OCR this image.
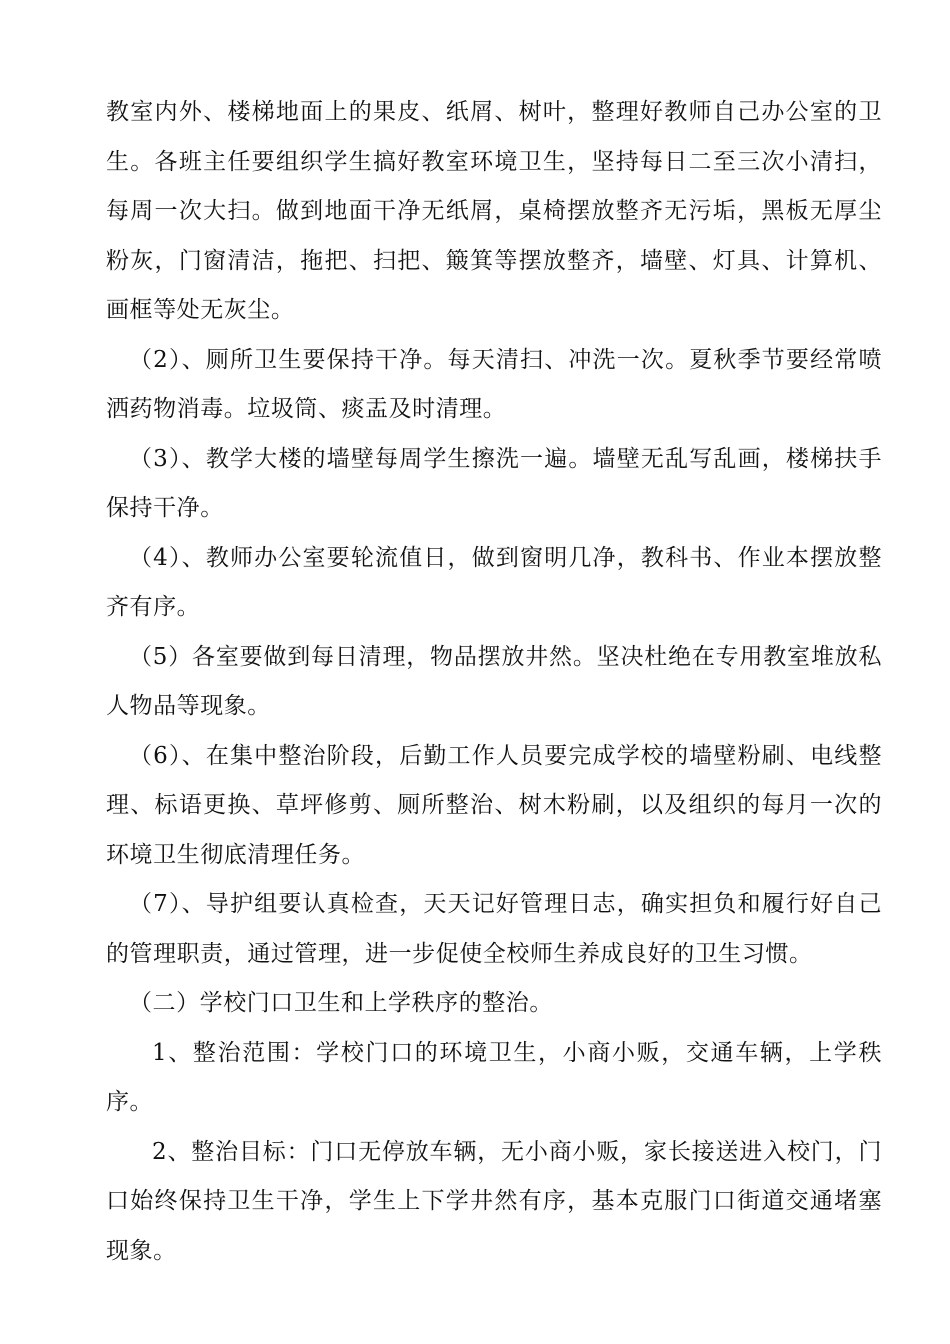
教室内外、楼梯地面上的果皮、纸屑、树叶，整理好教师自己办公室的卫生。各班主任要组织学生搞好教室环境卫生，坚持每日二至三次小清扫，每周一次大扫。做到地面干净无纸屑，桌椅摆放整齐无污垢，黑板无厚尘粉灰，门窗清洁，拖把、扫把、簸箕等摆放整齐，墙壁、灯具、计算机、画框等处无灰尘。

（2）、厕所卫生要保持干净。每天清扫、冲洗一次。夏秋季节要经常喷洒药物消毒。垃圾筒、痰盂及时清理。

（3）、教学大楼的墙壁每周学生擦洗一遍。墙壁无乱写乱画，楼梯扶手保持干净。

（4）、教师办公室要轮流值日，做到窗明几净，教科书、作业本摆放整齐有序。

（5）各室要做到每日清理，物品摆放井然。坚决杜绝在专用教室堆放私人物品等现象。

（6）、在集中整治阶段，后勤工作人员要完成学校的墙壁粉刷、电线整理、标语更换、草坪修剪、厕所整治、树木粉刷，以及组织的每月一次的环境卫生彻底清理任务。

（7）、导护组要认真检查，天天记好管理日志，确实担负和履行好自己的管理职责，通过管理，进一步促使全校师生养成良好的卫生习惯。

（二）学校门口卫生和上学秩序的整治。

1、整治范围：学校门口的环境卫生，小商小贩，交通车辆，上学秩序。

2、整治目标：门口无停放车辆，无小商小贩，家长接送进入校门，门口始终保持卫生干净，学生上下学井然有序，基本克服门口街道交通堵塞现象。
